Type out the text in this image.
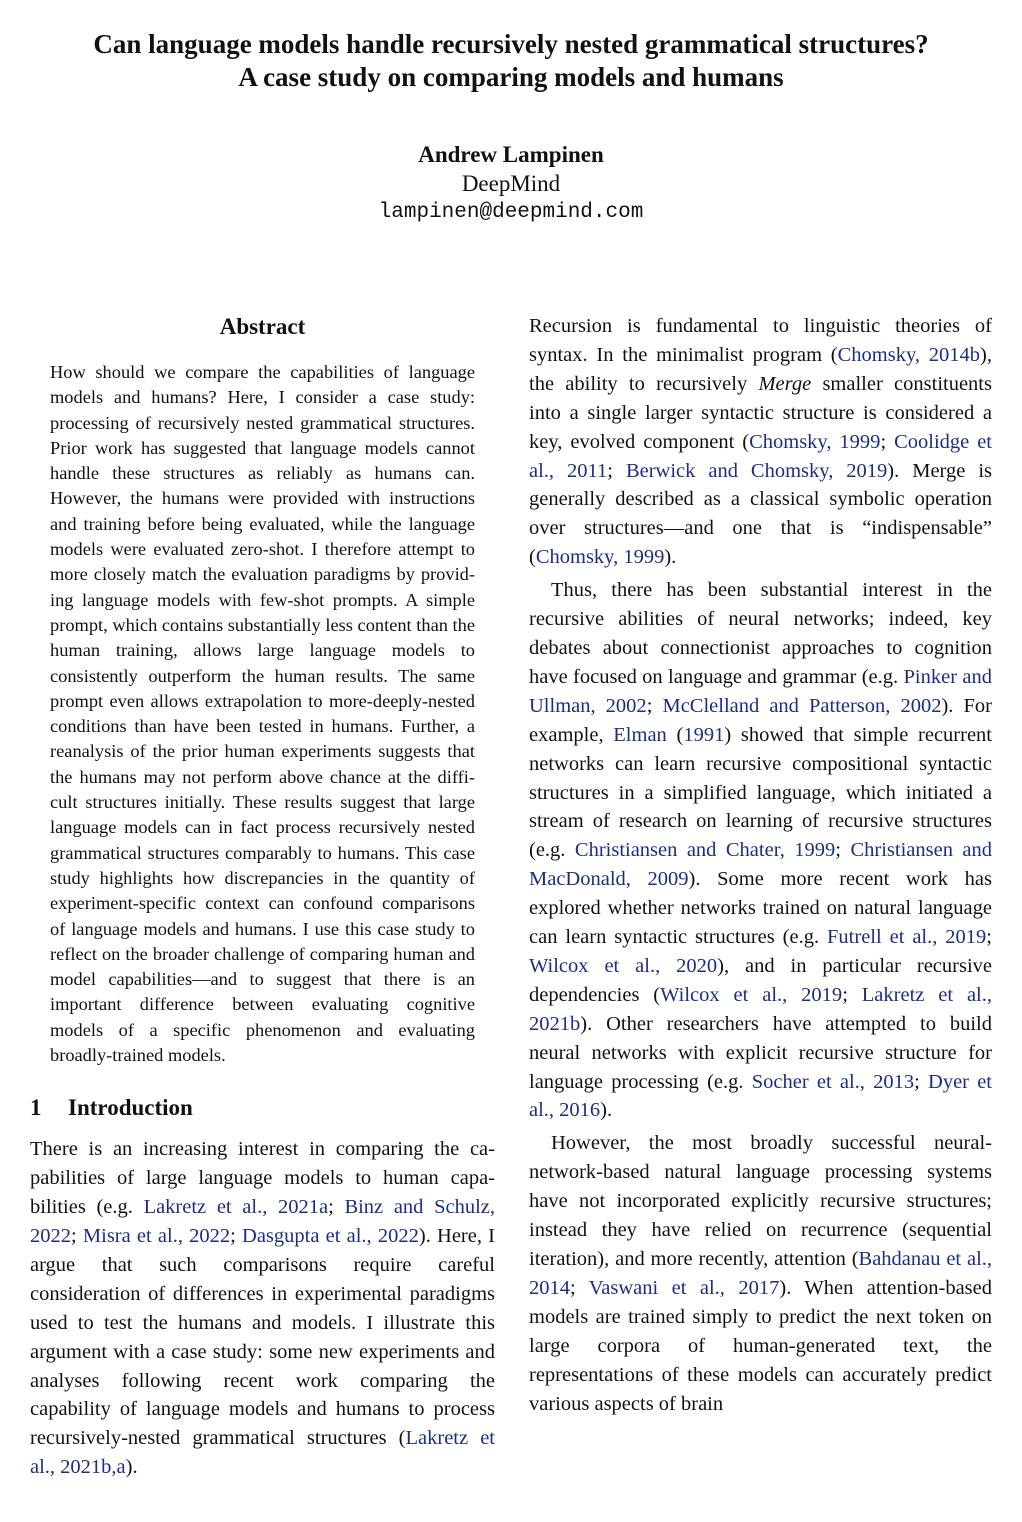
Can language models handle recursively nested grammatical structures?
A case study on comparing models and humans
Andrew Lampinen
DeepMind
lampinen@deepmind.com
Abstract
How should we compare the capabilities of language models and humans? Here, I consider a case study: processing of recursively nested grammatical structures. Prior work has suggested that language models cannot handle these structures as reliably as humans can. However, the humans were provided with instructions and training before being evaluated, while the language models were evaluated zero-shot. I therefore attempt to more closely match the evaluation paradigms by providing language models with few-shot prompts. A simple prompt, which contains substantially less content than the human training, allows large language models to consistently outperform the human results. The same prompt even allows extrapolation to more-deeply-nested conditions than have been tested in humans. Further, a reanalysis of the prior human experiments suggests that the humans may not perform above chance at the difficult structures initially. These results suggest that large language models can in fact process recursively nested grammatical structures comparably to humans. This case study highlights how discrepancies in the quantity of experiment-specific context can confound comparisons of language models and humans. I use this case study to reflect on the broader challenge of comparing human and model capabilities—and to suggest that there is an important difference between evaluating cognitive models of a specific phenomenon and evaluating broadly-trained models.
1 Introduction

There is an increasing interest in comparing the capabilities of large language models to human capabilities (e.g. Lakretz et al., 2021a; Binz and Schulz, 2022; Misra et al., 2022; Dasgupta et al., 2022). Here, I argue that such comparisons require careful consideration of differences in experimental paradigms used to test the humans and models. I illustrate this argument with a case study: some new experiments and analyses following recent work comparing the capability of language models and humans to process recursively-nested grammatical structures (Lakretz et al., 2021b,a).

Recursion is fundamental to linguistic theories of syntax. In the minimalist program (Chomsky, 2014b), the ability to recursively Merge smaller constituents into a single larger syntactic structure is considered a key, evolved component (Chomsky, 1999; Coolidge et al., 2011; Berwick and Chomsky, 2019). Merge is generally described as a classical symbolic operation over structures—and one that is “indispensable” (Chomsky, 1999).

Thus, there has been substantial interest in the recursive abilities of neural networks; indeed, key debates about connectionist approaches to cognition have focused on language and grammar (e.g. Pinker and Ullman, 2002; McClelland and Patterson, 2002). For example, Elman (1991) showed that simple recurrent networks can learn recursive compositional syntactic structures in a simplified language, which initiated a stream of research on learning of recursive structures (e.g. Christiansen and Chater, 1999; Christiansen and MacDonald, 2009). Some more recent work has explored whether networks trained on natural language can learn syntactic structures (e.g. Futrell et al., 2019; Wilcox et al., 2020), and in particular recursive dependencies (Wilcox et al., 2019; Lakretz et al., 2021b). Other researchers have attempted to build neural networks with explicit recursive structure for language processing (e.g. Socher et al., 2013; Dyer et al., 2016).

However, the most broadly successful neural-network-based natural language processing systems have not incorporated explicitly recursive structures; instead they have relied on recurrence (sequential iteration), and more recently, attention (Bahdanau et al., 2014; Vaswani et al., 2017). When attention-based models are trained simply to predict the next token on large corpora of human-generated text, the representations of these models can accurately predict various aspects of brain
